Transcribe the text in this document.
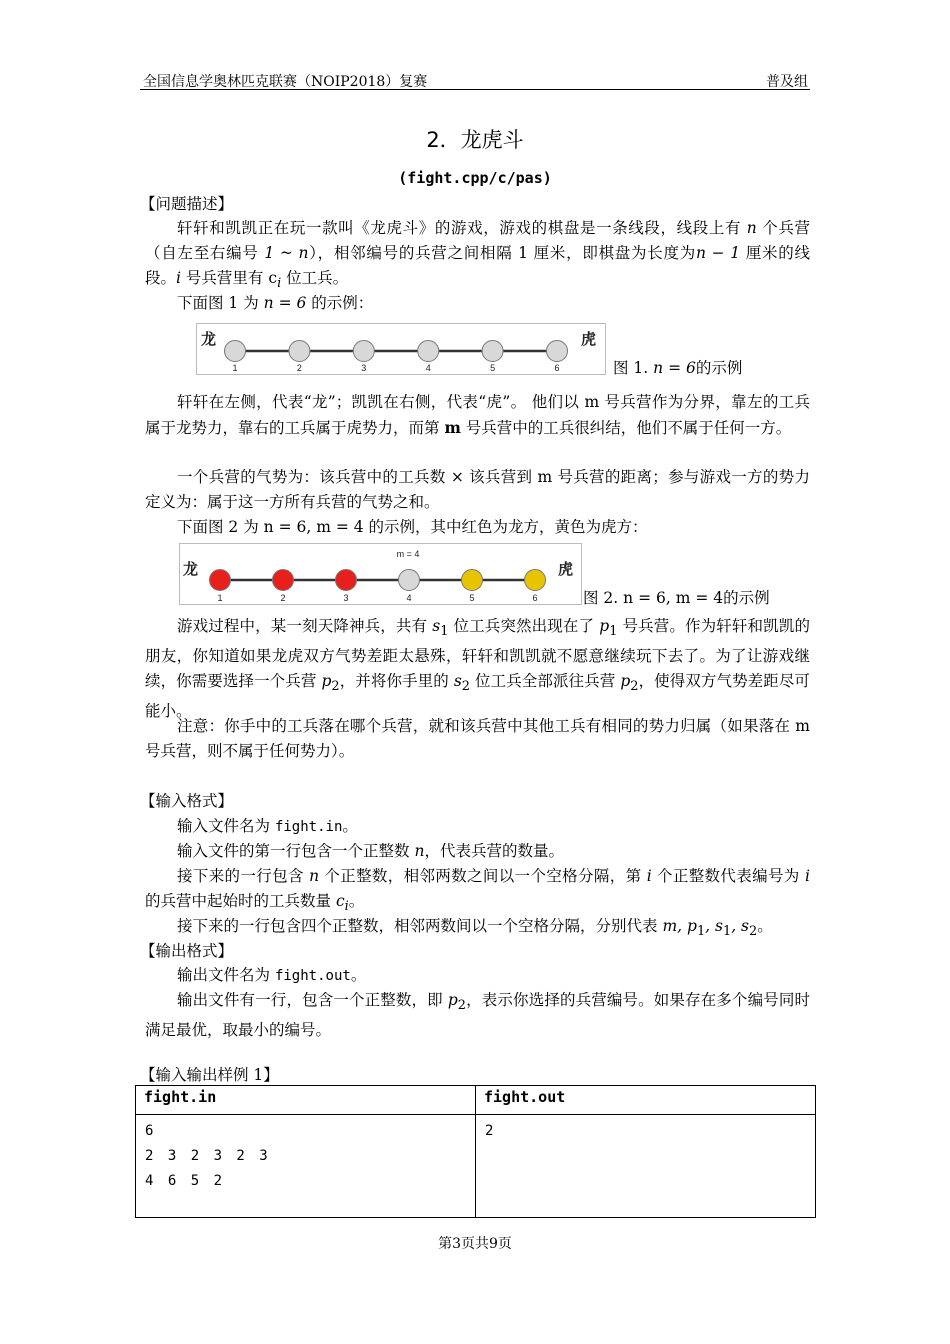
全国信息学奥林匹克联赛（NOIP2018）复赛	普及组
2．龙虎斗
(fight.cpp/c/pas)
【问题描述】
轩轩和凯凯正在玩一款叫《龙虎斗》的游戏，游戏的棋盘是一条线段，线段上有 n 个兵营（自左至右编号 1 ~ n），相邻编号的兵营之间相隔 1 厘米，即棋盘为长度为n − 1 厘米的线段。i 号兵营里有 $c_i$ 位工兵。
下面图 1 为 n = 6 的示例：
龙	虎
1	2	3	4	5	6	图 1. n = 6的示例
轩轩在左侧，代表“龙”；凯凯在右侧，代表“虎”。 他们以 m 号兵营作为分界，靠左的工兵属于龙势力，靠右的工兵属于虎势力，而第 m 号兵营中的工兵很纠结，他们不属于任何一方。
一个兵营的气势为：该兵营中的工兵数 × 该兵营到 m 号兵营的距离；参与游戏一方的势力定义为：属于这一方所有兵营的气势之和。
下面图 2 为 n = 6, m = 4 的示例，其中红色为龙方，黄色为虎方：
龙	虎
m = 4
1	2	3	4	5	6	图 2. n = 6, m = 4的示例
游戏过程中，某一刻天降神兵，共有 $s_1$ 位工兵突然出现在了 $p_1$ 号兵营。作为轩轩和凯凯的朋友，你知道如果龙虎双方气势差距太悬殊，轩轩和凯凯就不愿意继续玩下去了。为了让游戏继续，你需要选择一个兵营 $p_2$，并将你手里的 $s_2$ 位工兵全部派往兵营 $p_2$，使得双方气势差距尽可能小。
注意：你手中的工兵落在哪个兵营，就和该兵营中其他工兵有相同的势力归属（如果落在 m 号兵营，则不属于任何势力）。
【输入格式】
输入文件名为 fight.in。
输入文件的第一行包含一个正整数 n，代表兵营的数量。
接下来的一行包含 n 个正整数，相邻两数之间以一个空格分隔，第 i 个正整数代表编号为 i 的兵营中起始时的工兵数量 $c_i$。
接下来的一行包含四个正整数，相邻两数间以一个空格分隔，分别代表 m, $p_1$, $s_1$, $s_2$。
【输出格式】
输出文件名为 fight.out。
输出文件有一行，包含一个正整数，即 $p_2$，表示你选择的兵营编号。如果存在多个编号同时满足最优，取最小的编号。
【输入输出样例 1】
fight.in	fight.out

6
2 3 2 3 2 3
4 6 5 2	2
第3页共9页
